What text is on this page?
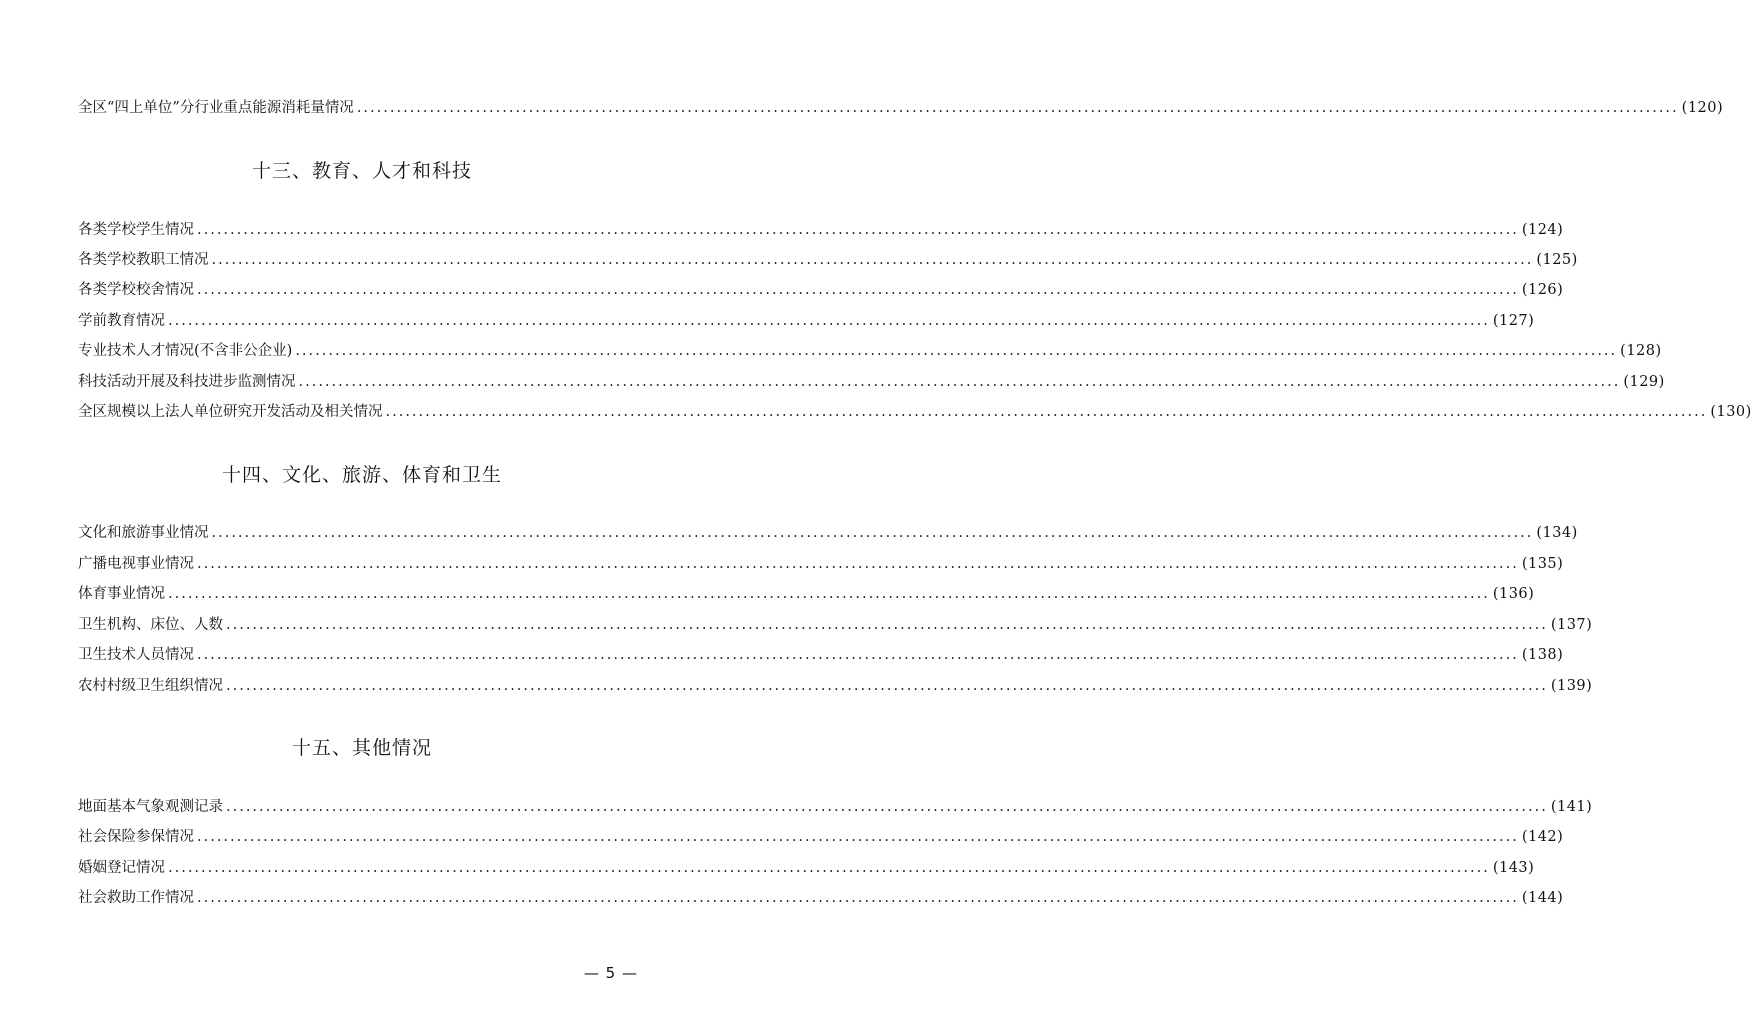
全区“四上单位”分行业重点能源消耗量情况 ........................................................................................................................................................................................................ (120)
十三、教育、人才和科技
各类学校学生情况 ........................................................................................................................................................................................................ (124)
各类学校教职工情况 ........................................................................................................................................................................................................ (125)
各类学校校舍情况 ........................................................................................................................................................................................................ (126)
学前教育情况 ........................................................................................................................................................................................................ (127)
专业技术人才情况(不含非公企业) ........................................................................................................................................................................................................ (128)
科技活动开展及科技进步监测情况 ........................................................................................................................................................................................................ (129)
全区规模以上法人单位研究开发活动及相关情况 ........................................................................................................................................................................................................ (130)
十四、文化、旅游、体育和卫生
文化和旅游事业情况 ........................................................................................................................................................................................................ (134)
广播电视事业情况 ........................................................................................................................................................................................................ (135)
体育事业情况 ........................................................................................................................................................................................................ (136)
卫生机构、床位、人数 ........................................................................................................................................................................................................ (137)
卫生技术人员情况 ........................................................................................................................................................................................................ (138)
农村村级卫生组织情况 ........................................................................................................................................................................................................ (139)
十五、其他情况
地面基本气象观测记录 ........................................................................................................................................................................................................ (141)
社会保险参保情况 ........................................................................................................................................................................................................ (142)
婚姻登记情况 ........................................................................................................................................................................................................ (143)
社会救助工作情况 ........................................................................................................................................................................................................ (144)
— 5 —
